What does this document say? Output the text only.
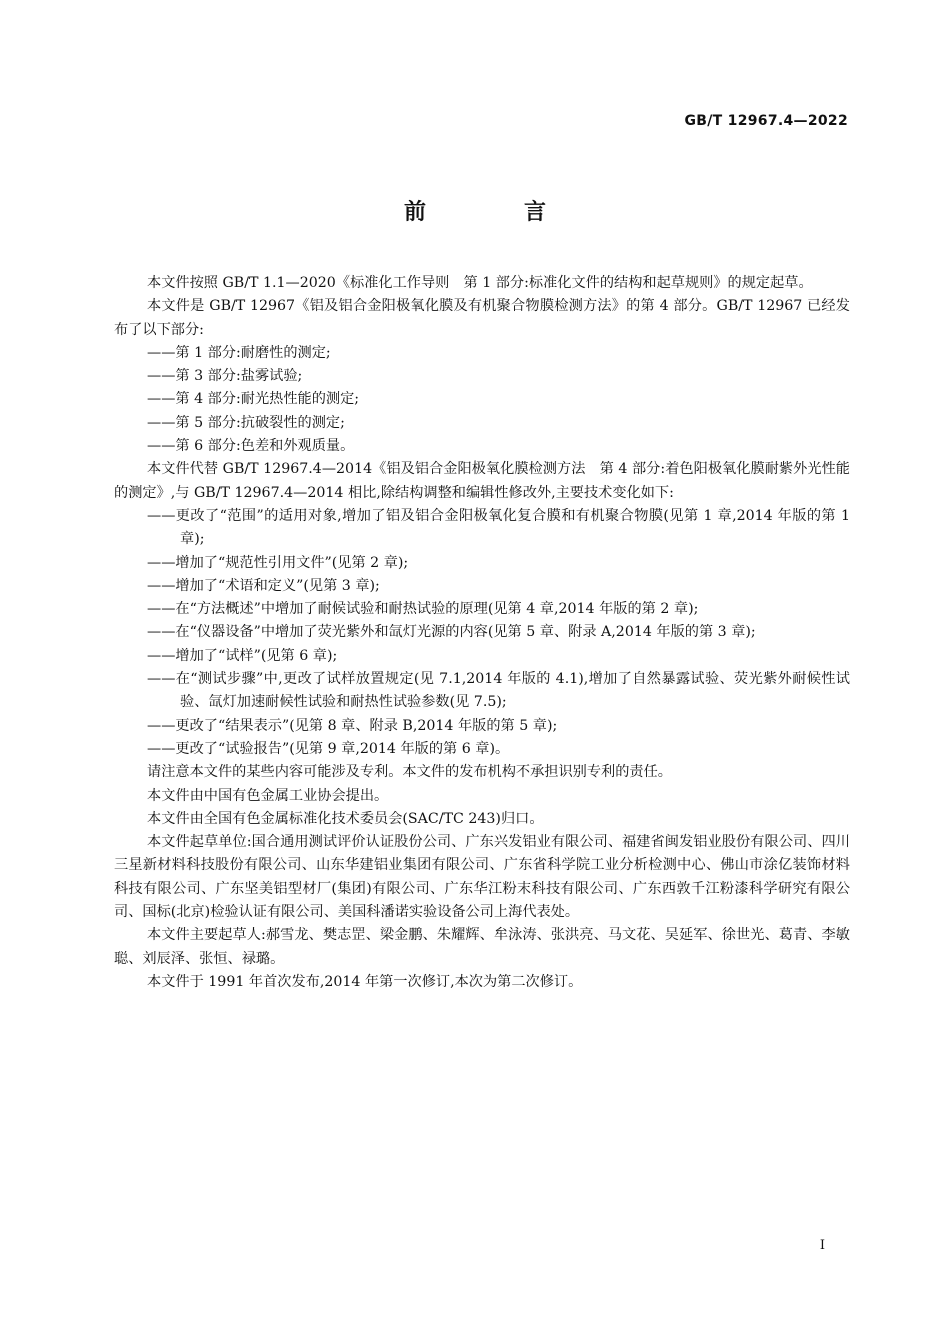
GB/T 12967.4—2022
前　言

本文件按照 GB/T 1.1—2020《标准化工作导则　第 1 部分:标准化文件的结构和起草规则》的规定起草。

本文件是 GB/T 12967《铝及铝合金阳极氧化膜及有机聚合物膜检测方法》的第 4 部分。GB/T 12967 已经发布了以下部分:

——第 1 部分:耐磨性的测定;

——第 3 部分:盐雾试验;

——第 4 部分:耐光热性能的测定;

——第 5 部分:抗破裂性的测定;

——第 6 部分:色差和外观质量。

本文件代替 GB/T 12967.4—2014《铝及铝合金阳极氧化膜检测方法　第 4 部分:着色阳极氧化膜耐紫外光性能的测定》,与 GB/T 12967.4—2014 相比,除结构调整和编辑性修改外,主要技术变化如下:

——更改了“范围”的适用对象,增加了铝及铝合金阳极氧化复合膜和有机聚合物膜(见第 1 章,2014 年版的第 1 章);

——增加了“规范性引用文件”(见第 2 章);

——增加了“术语和定义”(见第 3 章);

——在“方法概述”中增加了耐候试验和耐热试验的原理(见第 4 章,2014 年版的第 2 章);

——在“仪器设备”中增加了荧光紫外和氙灯光源的内容(见第 5 章、附录 A,2014 年版的第 3 章);

——增加了“试样”(见第 6 章);

——在“测试步骤”中,更改了试样放置规定(见 7.1,2014 年版的 4.1),增加了自然暴露试验、荧光紫外耐候性试验、氙灯加速耐候性试验和耐热性试验参数(见 7.5);

——更改了“结果表示”(见第 8 章、附录 B,2014 年版的第 5 章);

——更改了“试验报告”(见第 9 章,2014 年版的第 6 章)。

请注意本文件的某些内容可能涉及专利。本文件的发布机构不承担识别专利的责任。

本文件由中国有色金属工业协会提出。

本文件由全国有色金属标准化技术委员会(SAC/TC 243)归口。

本文件起草单位:国合通用测试评价认证股份公司、广东兴发铝业有限公司、福建省闽发铝业股份有限公司、四川三星新材料科技股份有限公司、山东华建铝业集团有限公司、广东省科学院工业分析检测中心、佛山市涂亿装饰材料科技有限公司、广东坚美铝型材厂(集团)有限公司、广东华江粉末科技有限公司、广东西敦千江粉漆科学研究有限公司、国标(北京)检验认证有限公司、美国科潘诺实验设备公司上海代表处。

本文件主要起草人:郝雪龙、樊志罡、梁金鹏、朱耀辉、牟泳涛、张洪亮、马文花、吴延军、徐世光、葛青、李敏聪、刘辰泽、张恒、禄璐。

本文件于 1991 年首次发布,2014 年第一次修订,本次为第二次修订。

I
